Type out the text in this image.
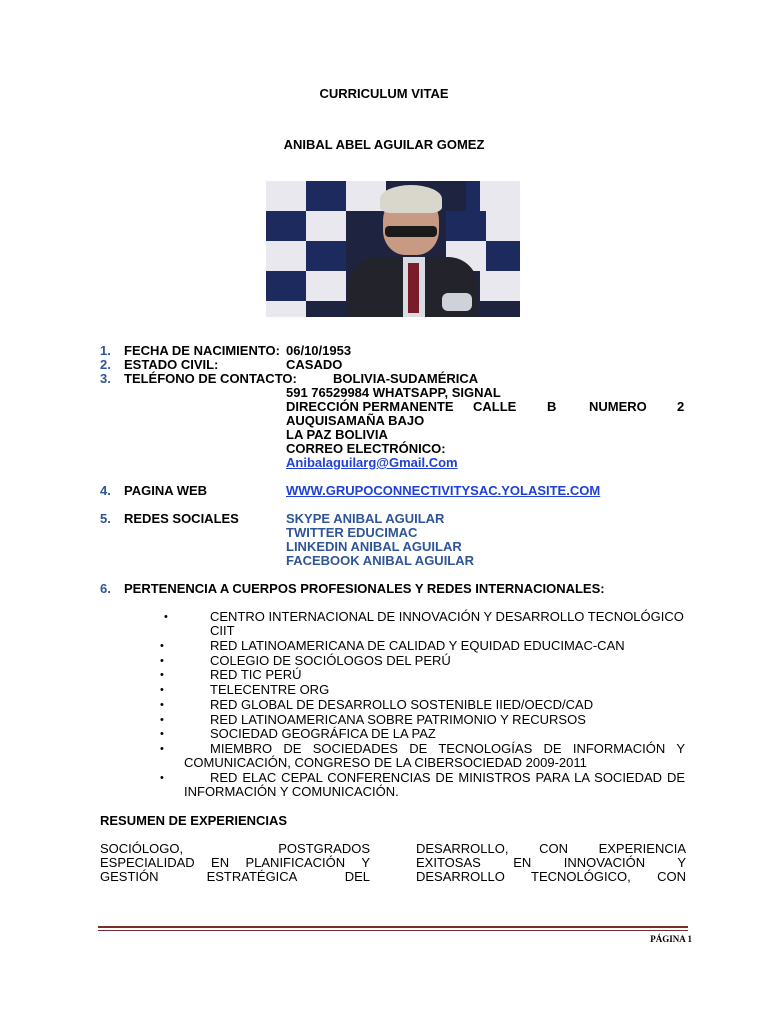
CURRICULUM VITAE
ANIBAL ABEL AGUILAR GOMEZ
1. FECHA DE NACIMIENTO: 06/10/1953
2. ESTADO CIVIL:	CASADO
3. TELÉFONO DE CONTACTO:	BOLIVIA-SUDAMÉRICA
591 76529984 WHATSAPP, SIGNAL
DIRECCIÓN PERMANENTE CALLE B	NUMERO 2
AUQUISAMAÑA BAJO
LA PAZ BOLIVIA
CORREO ELECTRÓNICO:
Anibalaguilarg@Gmail.Com
4. PAGINA WEB	WWW.GRUPOCONNECTIVITYSAC.YOLASITE.COM
5. REDES SOCIALES	SKYPE ANIBAL AGUILAR
TWITTER EDUCIMAC
LINKEDIN ANIBAL AGUILAR
FACEBOOK ANIBAL AGUILAR
6. PERTENENCIA A CUERPOS PROFESIONALES Y REDES INTERNACIONALES:
•	CENTRO INTERNACIONAL DE INNOVACIÓN Y DESARROLLO TECNOLÓGICO
CIIT
•	RED LATINOAMERICANA DE CALIDAD Y EQUIDAD EDUCIMAC-CAN
•	COLEGIO DE SOCIÓLOGOS DEL PERÚ
•	RED TIC PERÚ
•	TELECENTRE ORG
•	RED GLOBAL DE DESARROLLO SOSTENIBLE IIED/OECD/CAD
•	RED LATINOAMERICANA SOBRE PATRIMONIO Y RECURSOS
•	SOCIEDAD GEOGRÁFICA DE LA PAZ
•	MIEMBRO DE SOCIEDADES DE TECNOLOGÍAS DE INFORMACIÓN Y
COMUNICACIÓN, CONGRESO DE LA CIBERSOCIEDAD 2009-2011
•	RED ELAC CEPAL CONFERENCIAS DE MINISTROS PARA LA SOCIEDAD DE
INFORMACIÓN Y COMUNICACIÓN.
RESUMEN DE EXPERIENCIAS
SOCIÓLOGO, POSTGRADOS
ESPECIALIDAD EN PLANIFICACIÓN Y
GESTIÓN ESTRATÉGICA DEL
DESARROLLO, CON EXPERIENCIA
EXITOSAS EN INNOVACIÓN Y
DESARROLLO TECNOLÓGICO, CON
PÁGINA 1
